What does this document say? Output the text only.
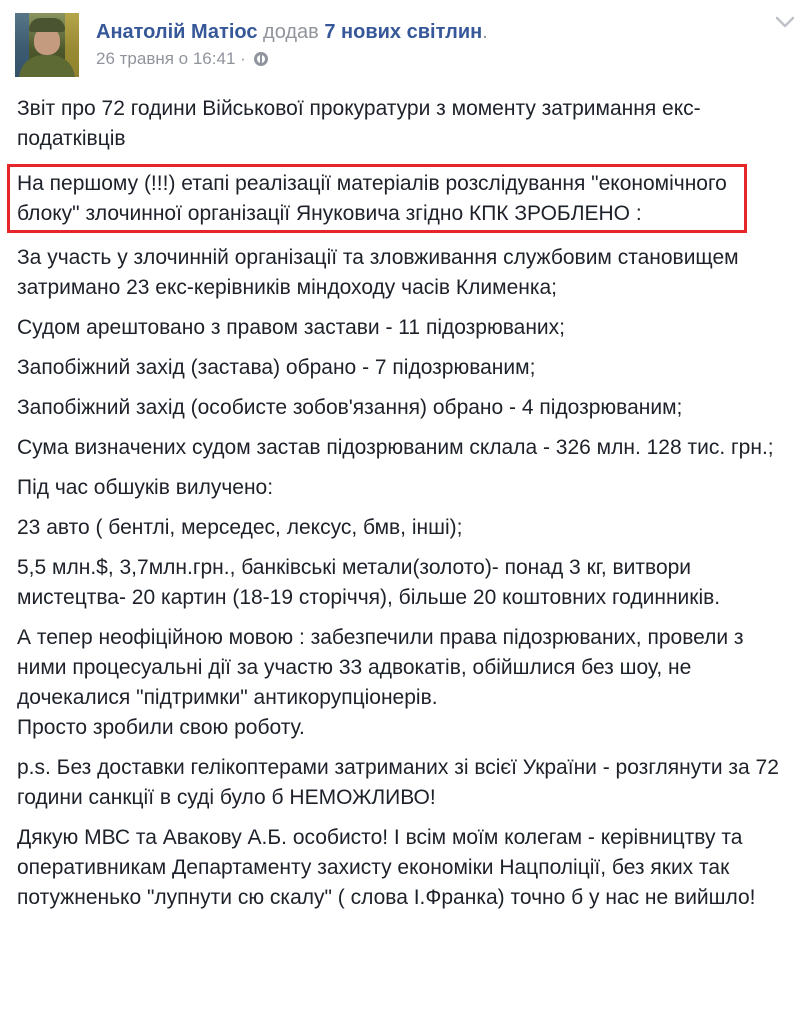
Анатолій Матіос додав 7 нових світлин.
26 травня о 16:41 ·

Звіт про 72 години Військової прокуратури з моменту затримання екс-податківців

На першому (!!!) етапі реалізації матеріалів розслідування "економічного блоку" злочинної організації Януковича згідно КПК ЗРОБЛЕНО :

За участь у злочинній організації та зловживання службовим становищем затримано 23 екс-керівників міндоходу часів Клименка;

Судом арештовано з правом застави - 11 підозрюваних;

Запобіжний захід (застава) обрано - 7 підозрюваним;

Запобіжний захід (особисте зобов'язання) обрано - 4 підозрюваним;

Сума визначених судом застав підозрюваним склала - 326 млн. 128 тис. грн.;

Під час обшуків вилучено:

23 авто ( бентлі, мерседес, лексус, бмв, інші);

5,5 млн.$, 3,7млн.грн., банківські метали(золото)- понад 3 кг, витвори мистецтва- 20 картин (18-19 сторіччя), більше 20 коштовних годинників.

А тепер неофіційною мовою : забезпечили права підозрюваних, провели з ними процесуальні дії за участю 33 адвокатів, обійшлися без шоу, не дочекалися "підтримки" антикорупціонерів.

Просто зробили свою роботу.

p.s. Без доставки гелікоптерами затриманих зі всієї України - розглянути за 72 години санкції в суді було б НЕМОЖЛИВО!

Дякую МВС та Авакову А.Б. особисто! І всім моїм колегам - керівництву та оперативникам Департаменту захисту економіки Нацполіції, без яких так потужненько "лупнути сю скалу" ( слова І.Франка) точно б у нас не вийшло!
